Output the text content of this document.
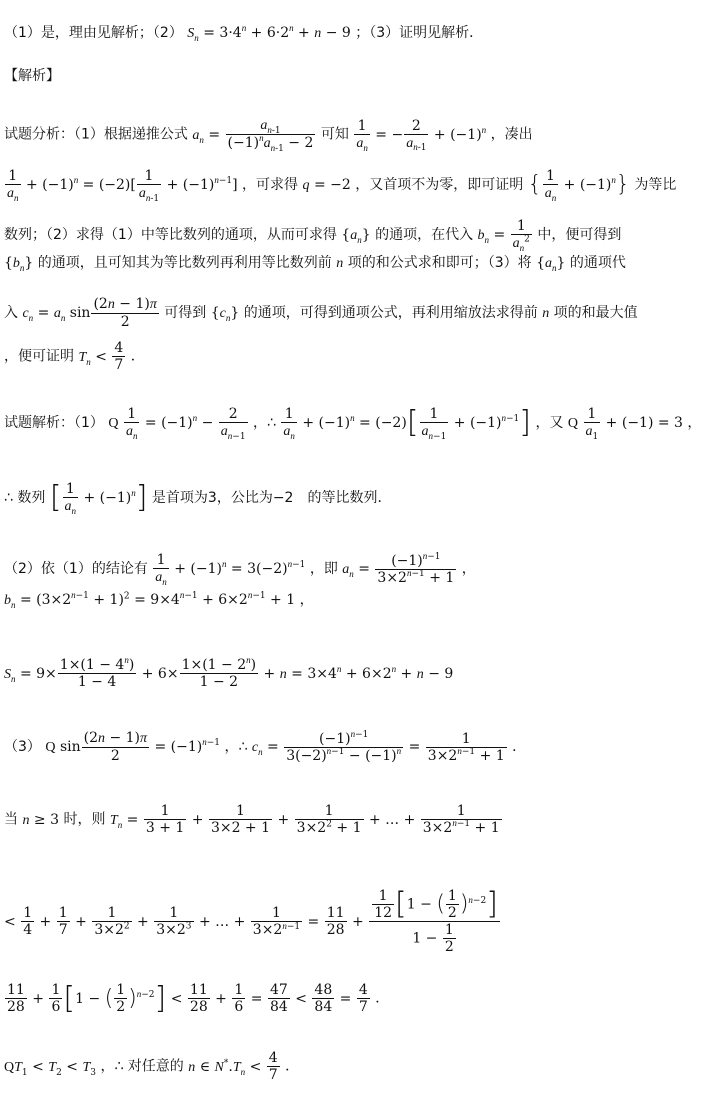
（1）是，理由见解析；（2） $S_n = 3\cdot 4^n + 6\cdot 2^n + n - 9$ ；（3）证明见解析．
【解析】
试题分析：（1）根据递推公式 $a_n$ =
$a_{n-1}$
$(-1)^na_{n-1} - 2$
可知 $\frac{1}{a_n}$ = − $\frac{2}{a_{n-1}} + (-1)^n$ ，凑出
$\frac{1}{a_n} + (-1)^n = (-2)[ \frac{1}{a_{n-1}} + (-1)^{n-1}]$ ，可求得 q = −2 ，又首项不为零，即可证明 { $\frac{1}{a_n} + (-1)^n$} 为等比
数列；（2）求得（1）中等比数列的通项，从而可求得 $\{a_n\}$ 的通项，在代入 $b_n = \frac{1}{a_n^2}$ 中，便可得到
$\{b_n\}$ 的通项，且可知其为等比数列再利用等比数列前 n 项的和公式求和即可；（3）将 $\{a_n\}$ 的通项代
入 $c_n = a_n$ $\sin \frac{(2n - 1)\pi}{2}$ 可得到 $\{c_n\}$ 的通项，可得到通项公式，再利用缩放法求得前 n 项的和最大值
，便可证明 $T_n < \frac{4}{7}$ ．
试题解析：（1） Q $\frac{1}{a_n} = (-1)^n - \frac{2}{a_{n-1}}$ ，∴ $\frac{1}{a_n} + (-1)^n = (-2)[ \frac{1}{a_{n-1}} + (-1)^{n-1}]$ ，又 Q $\frac{1}{a_1} + (-1) = 3$ ，
∴ 数列 [ $\frac{1}{a_n} + (-1)^n$] 是首项为3，公比为−2　的等比数列．
（2）依（1）的结论有 $\frac{1}{a_n} + (-1)^n = 3(-2)^{n-1}$ ，即 $a_n = \frac{(-1)^{n-1}}{3\times 2^{n-1} + 1}$ ，
$b_n = (3\times 2^{n-1} + 1)^2 = 9\times 4^{n-1} + 6\times 2^{n-1} + 1$ ，
$S_n = 9\times \frac{1\times(1 - 4^n)}{1 - 4} + 6\times \frac{1\times(1 - 2^n)}{1 - 2} + n = 3\times 4^n + 6\times 2^n + n - 9$
（3） Q $\sin \frac{(2n - 1)\pi}{2} = (-1)^{n-1}$ ，∴ $c_n = \frac{(-1)^{n-1}}{3(-2)^{n-1} - (-1)^n} = \frac{1}{3\times 2^{n-1} + 1}$ ．
当 n ≥ 3 时，则 $T_n = \frac{1}{3 + 1} + \frac{1}{3\times 2 + 1} + \frac{1}{3\times 2^2 + 1}$ + … + $\frac{1}{3\times 2^{n-1} + 1}$
< $\frac{1}{4} + \frac{1}{7} + \frac{1}{3\times 2^2} + \frac{1}{3\times 2^3}$ + … + $\frac{1}{3\times 2^{n-1}} = \frac{11}{28} + \frac{\frac{1}{12} [1 - ( \frac{1}{2} )^{n-2}]}{1 - \frac{1}{2}}$
$\frac{11}{28} + \frac{1}{6} [1$ − ( $\frac{1}{2} )^{n-2}] < \frac{11}{28} + \frac{1}{6} = \frac{47}{84} < \frac{48}{84} = \frac{4}{7}$ ．
$QT_1 < T_2 < T_3$ ，∴ 对任意的 n ∈ $N^*.T_n < \frac{4}{7}$ ．
